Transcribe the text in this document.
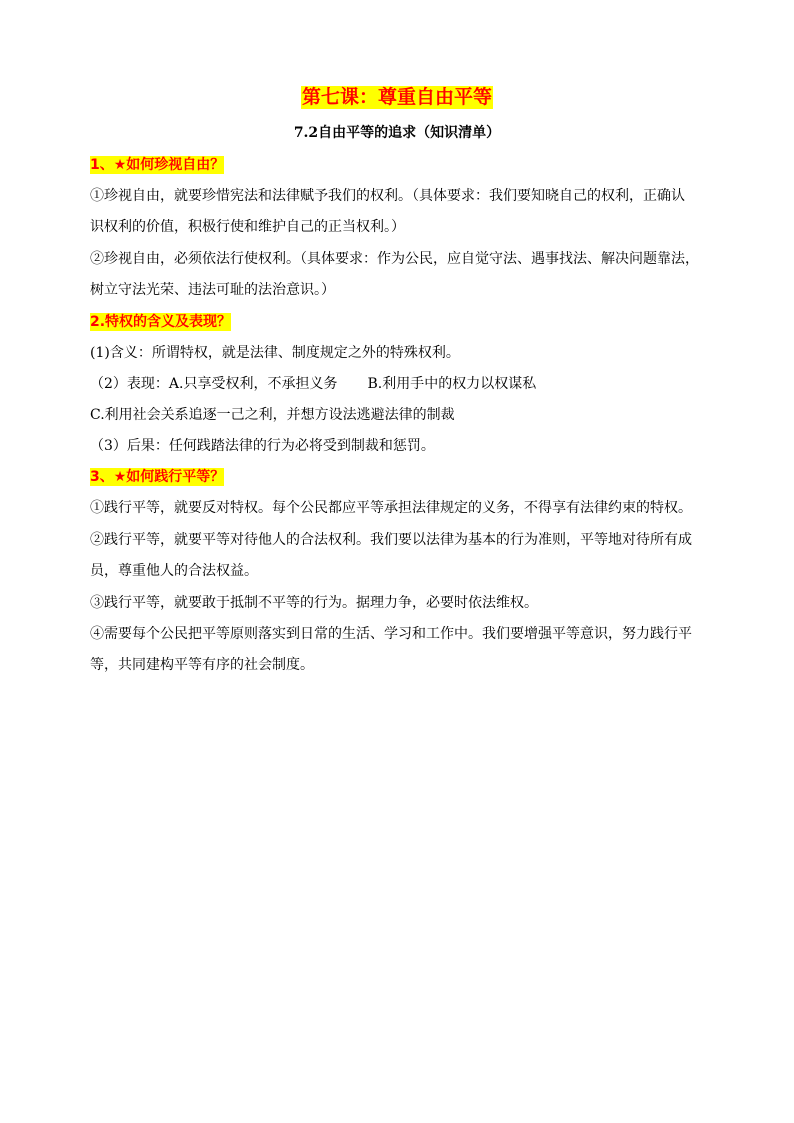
第七课：尊重自由平等
7.2自由平等的追求（知识清单）
1、★如何珍视自由？
①珍视自由，就要珍惜宪法和法律赋予我们的权利。（具体要求：我们要知晓自己的权利，正确认
识权利的价值，积极行使和维护自己的正当权利。）
②珍视自由，必须依法行使权利。（具体要求：作为公民，应自觉守法、遇事找法、解决问题靠法，
树立守法光荣、违法可耻的法治意识。）
2.特权的含义及表现？
(1)含义：所谓特权，就是法律、制度规定之外的特殊权利。
（2）表现：A.只享受权利，不承担义务 B.利用手中的权力以权谋私
C.利用社会关系追逐一己之利，并想方设法逃避法律的制裁
（3）后果：任何践踏法律的行为必将受到制裁和惩罚。
3、★如何践行平等？
①践行平等，就要反对特权。每个公民都应平等承担法律规定的义务，不得享有法律约束的特权。
②践行平等，就要平等对待他人的合法权利。我们要以法律为基本的行为准则，平等地对待所有成
员，尊重他人的合法权益。
③践行平等，就要敢于抵制不平等的行为。据理力争，必要时依法维权。
④需要每个公民把平等原则落实到日常的生活、学习和工作中。我们要增强平等意识，努力践行平
等，共同建构平等有序的社会制度。
